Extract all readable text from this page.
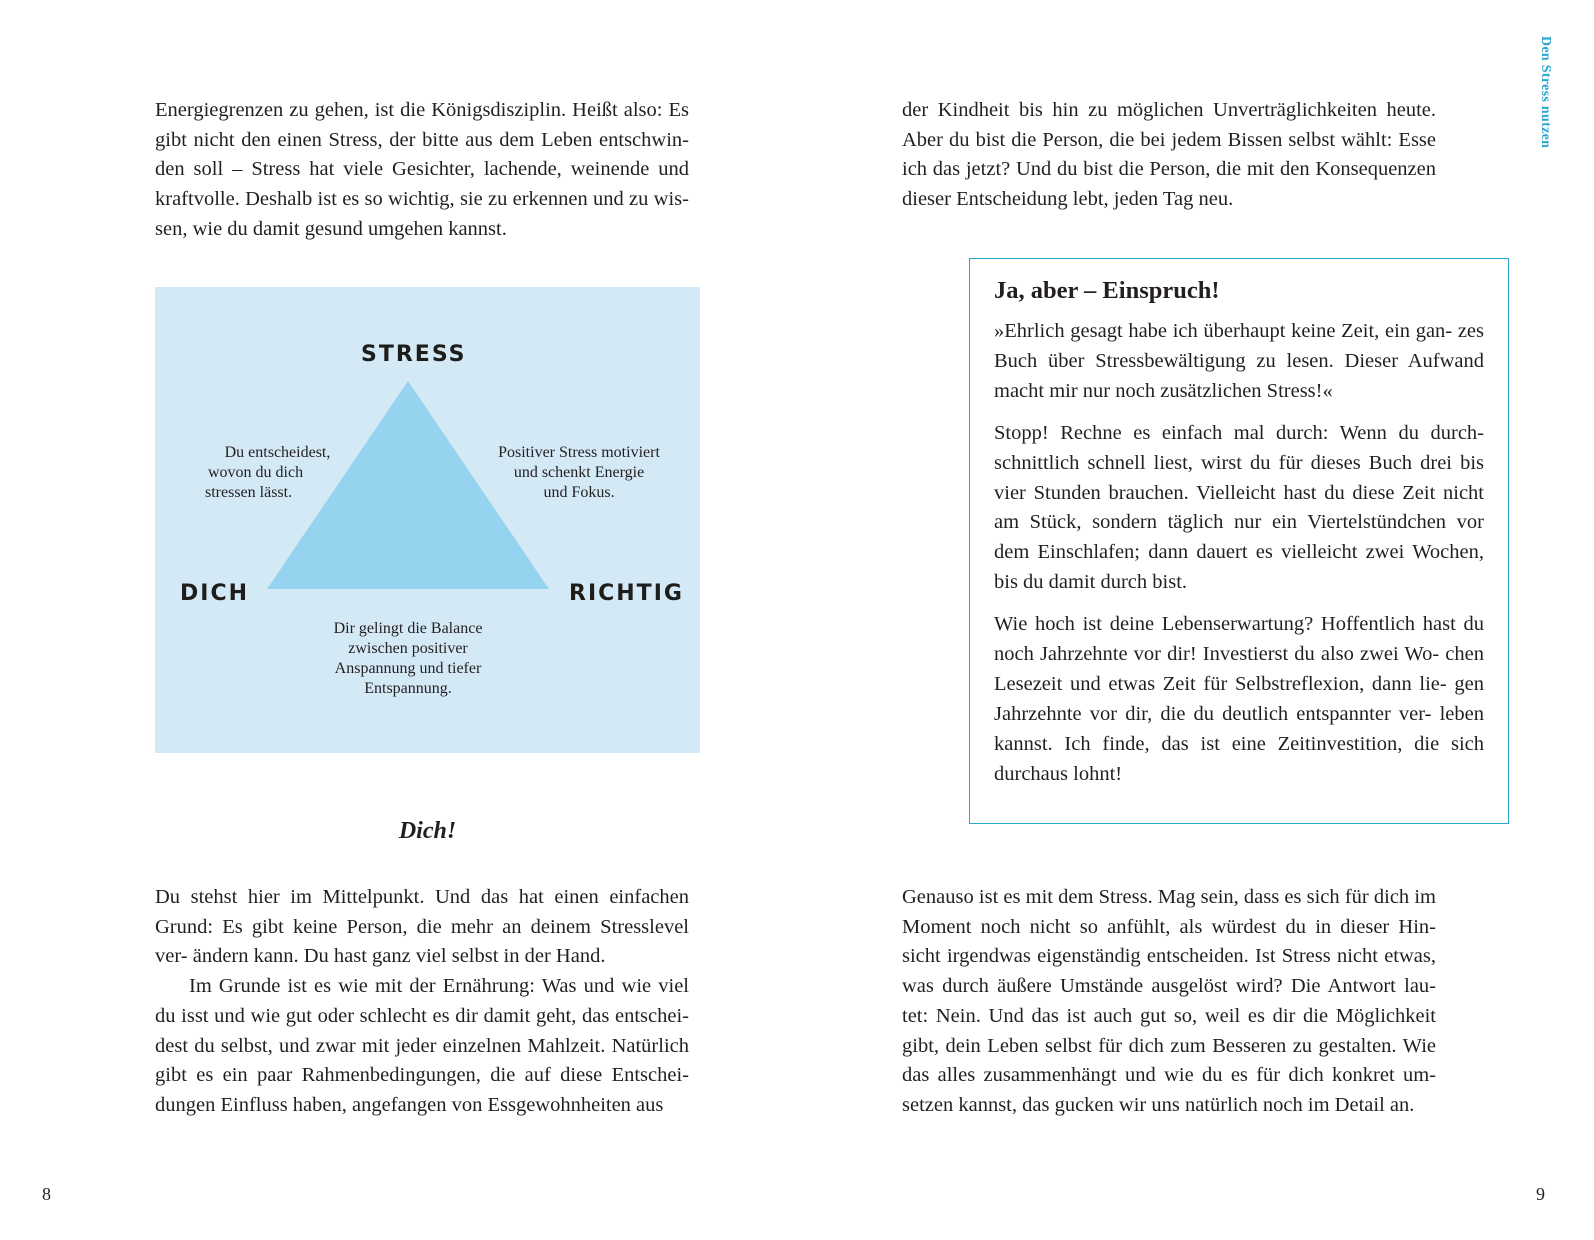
Den Stress nutzen

Energiegrenzen zu gehen, ist die Königsdisziplin. Heißt also: Es gibt nicht den einen Stress, der bitte aus dem Leben entschwin- den soll – Stress hat viele Gesichter, lachende, weinende und kraftvolle. Deshalb ist es so wichtig, sie zu erkennen und zu wis- sen, wie du damit gesund umgehen kannst.

STRESS
DICH	RICHTIG
Du entscheidest,
wovon du dich
stressen lässt.
Positiver Stress motiviert
und schenkt Energie
und Fokus.
Dir gelingt die Balance
zwischen positiver
Anspannung und tiefer
Entspannung.
Dich!

Du stehst hier im Mittelpunkt. Und das hat einen einfachen Grund: Es gibt keine Person, die mehr an deinem Stresslevel ver- ändern kann. Du hast ganz viel selbst in der Hand.

Im Grunde ist es wie mit der Ernährung: Was und wie viel du isst und wie gut oder schlecht es dir damit geht, das entschei- dest du selbst, und zwar mit jeder einzelnen Mahlzeit. Natürlich gibt es ein paar Rahmenbedingungen, die auf diese Entschei- dungen Einfluss haben, angefangen von Essgewohnheiten aus

8

der Kindheit bis hin zu möglichen Unverträglichkeiten heute. Aber du bist die Person, die bei jedem Bissen selbst wählt: Esse ich das jetzt? Und du bist die Person, die mit den Konsequenzen dieser Entscheidung lebt, jeden Tag neu.

Ja, aber – Einspruch!

»Ehrlich gesagt habe ich überhaupt keine Zeit, ein gan- zes Buch über Stressbewältigung zu lesen. Dieser Aufwand macht mir nur noch zusätzlichen Stress!«

Stopp! Rechne es einfach mal durch: Wenn du durch- schnittlich schnell liest, wirst du für dieses Buch drei bis vier Stunden brauchen. Vielleicht hast du diese Zeit nicht am Stück, sondern täglich nur ein Viertelstündchen vor dem Einschlafen; dann dauert es vielleicht zwei Wochen, bis du damit durch bist.

Wie hoch ist deine Lebenserwartung? Hoffentlich hast du noch Jahrzehnte vor dir! Investierst du also zwei Wo- chen Lesezeit und etwas Zeit für Selbstreflexion, dann lie- gen Jahrzehnte vor dir, die du deutlich entspannter ver- leben kannst. Ich finde, das ist eine Zeitinvestition, die sich durchaus lohnt!

Genauso ist es mit dem Stress. Mag sein, dass es sich für dich im Moment noch nicht so anfühlt, als würdest du in dieser Hin- sicht irgendwas eigenständig entscheiden. Ist Stress nicht etwas, was durch äußere Umstände ausgelöst wird? Die Antwort lau- tet: Nein. Und das ist auch gut so, weil es dir die Möglichkeit gibt, dein Leben selbst für dich zum Besseren zu gestalten. Wie das alles zusammenhängt und wie du es für dich konkret um- setzen kannst, das gucken wir uns natürlich noch im Detail an.

9
